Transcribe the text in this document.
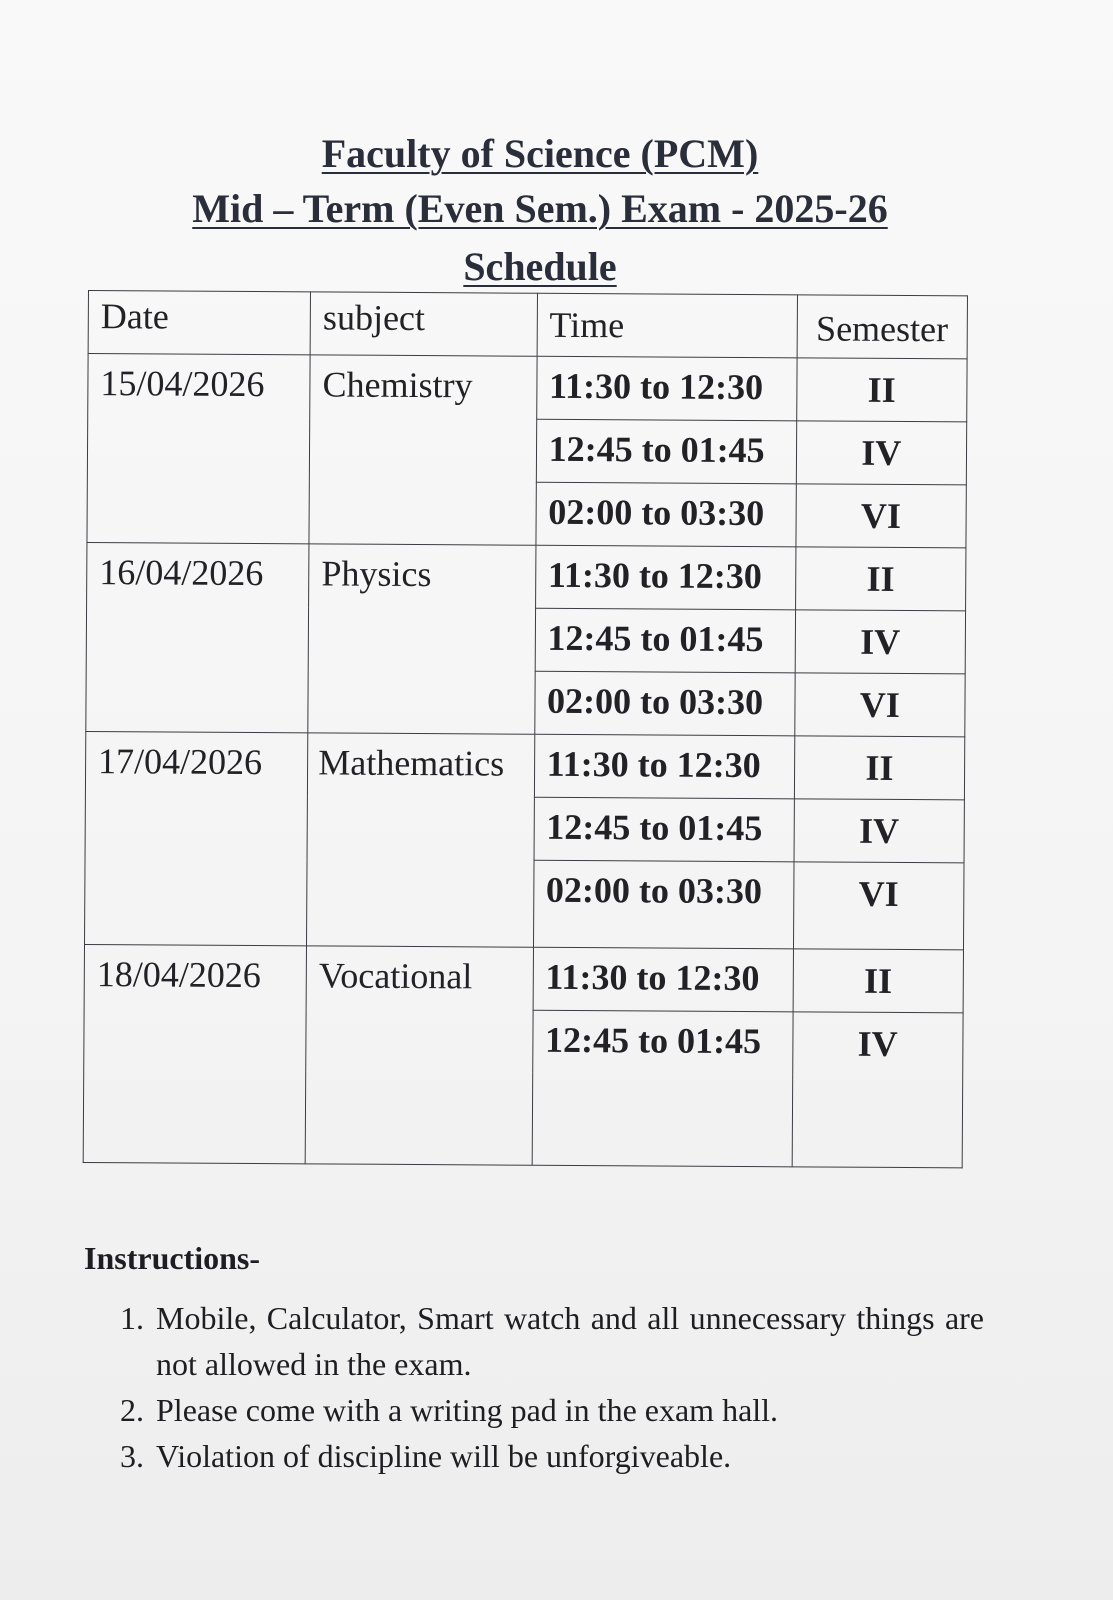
Faculty of Science (PCM)
Mid – Term (Even Sem.) Exam - 2025-26
Schedule
Date	subject	Time	Semester

15/04/2026	Chemistry	11:30 to 12:30	II

		12:45 to 01:45	IV

		02:00 to 03:30	VI

16/04/2026	Physics	11:30 to 12:30	II

		12:45 to 01:45	IV

		02:00 to 03:30	VI

17/04/2026	Mathematics	11:30 to 12:30	II

		12:45 to 01:45	IV

		02:00 to 03:30	VI

18/04/2026	Vocational	11:30 to 12:30	II

		12:45 to 01:45	IV

Instructions-
1. Mobile, Calculator, Smart watch and all unnecessary things are not allowed in the exam.
2. Please come with a writing pad in the exam hall.
3. Violation of discipline will be unforgiveable.
